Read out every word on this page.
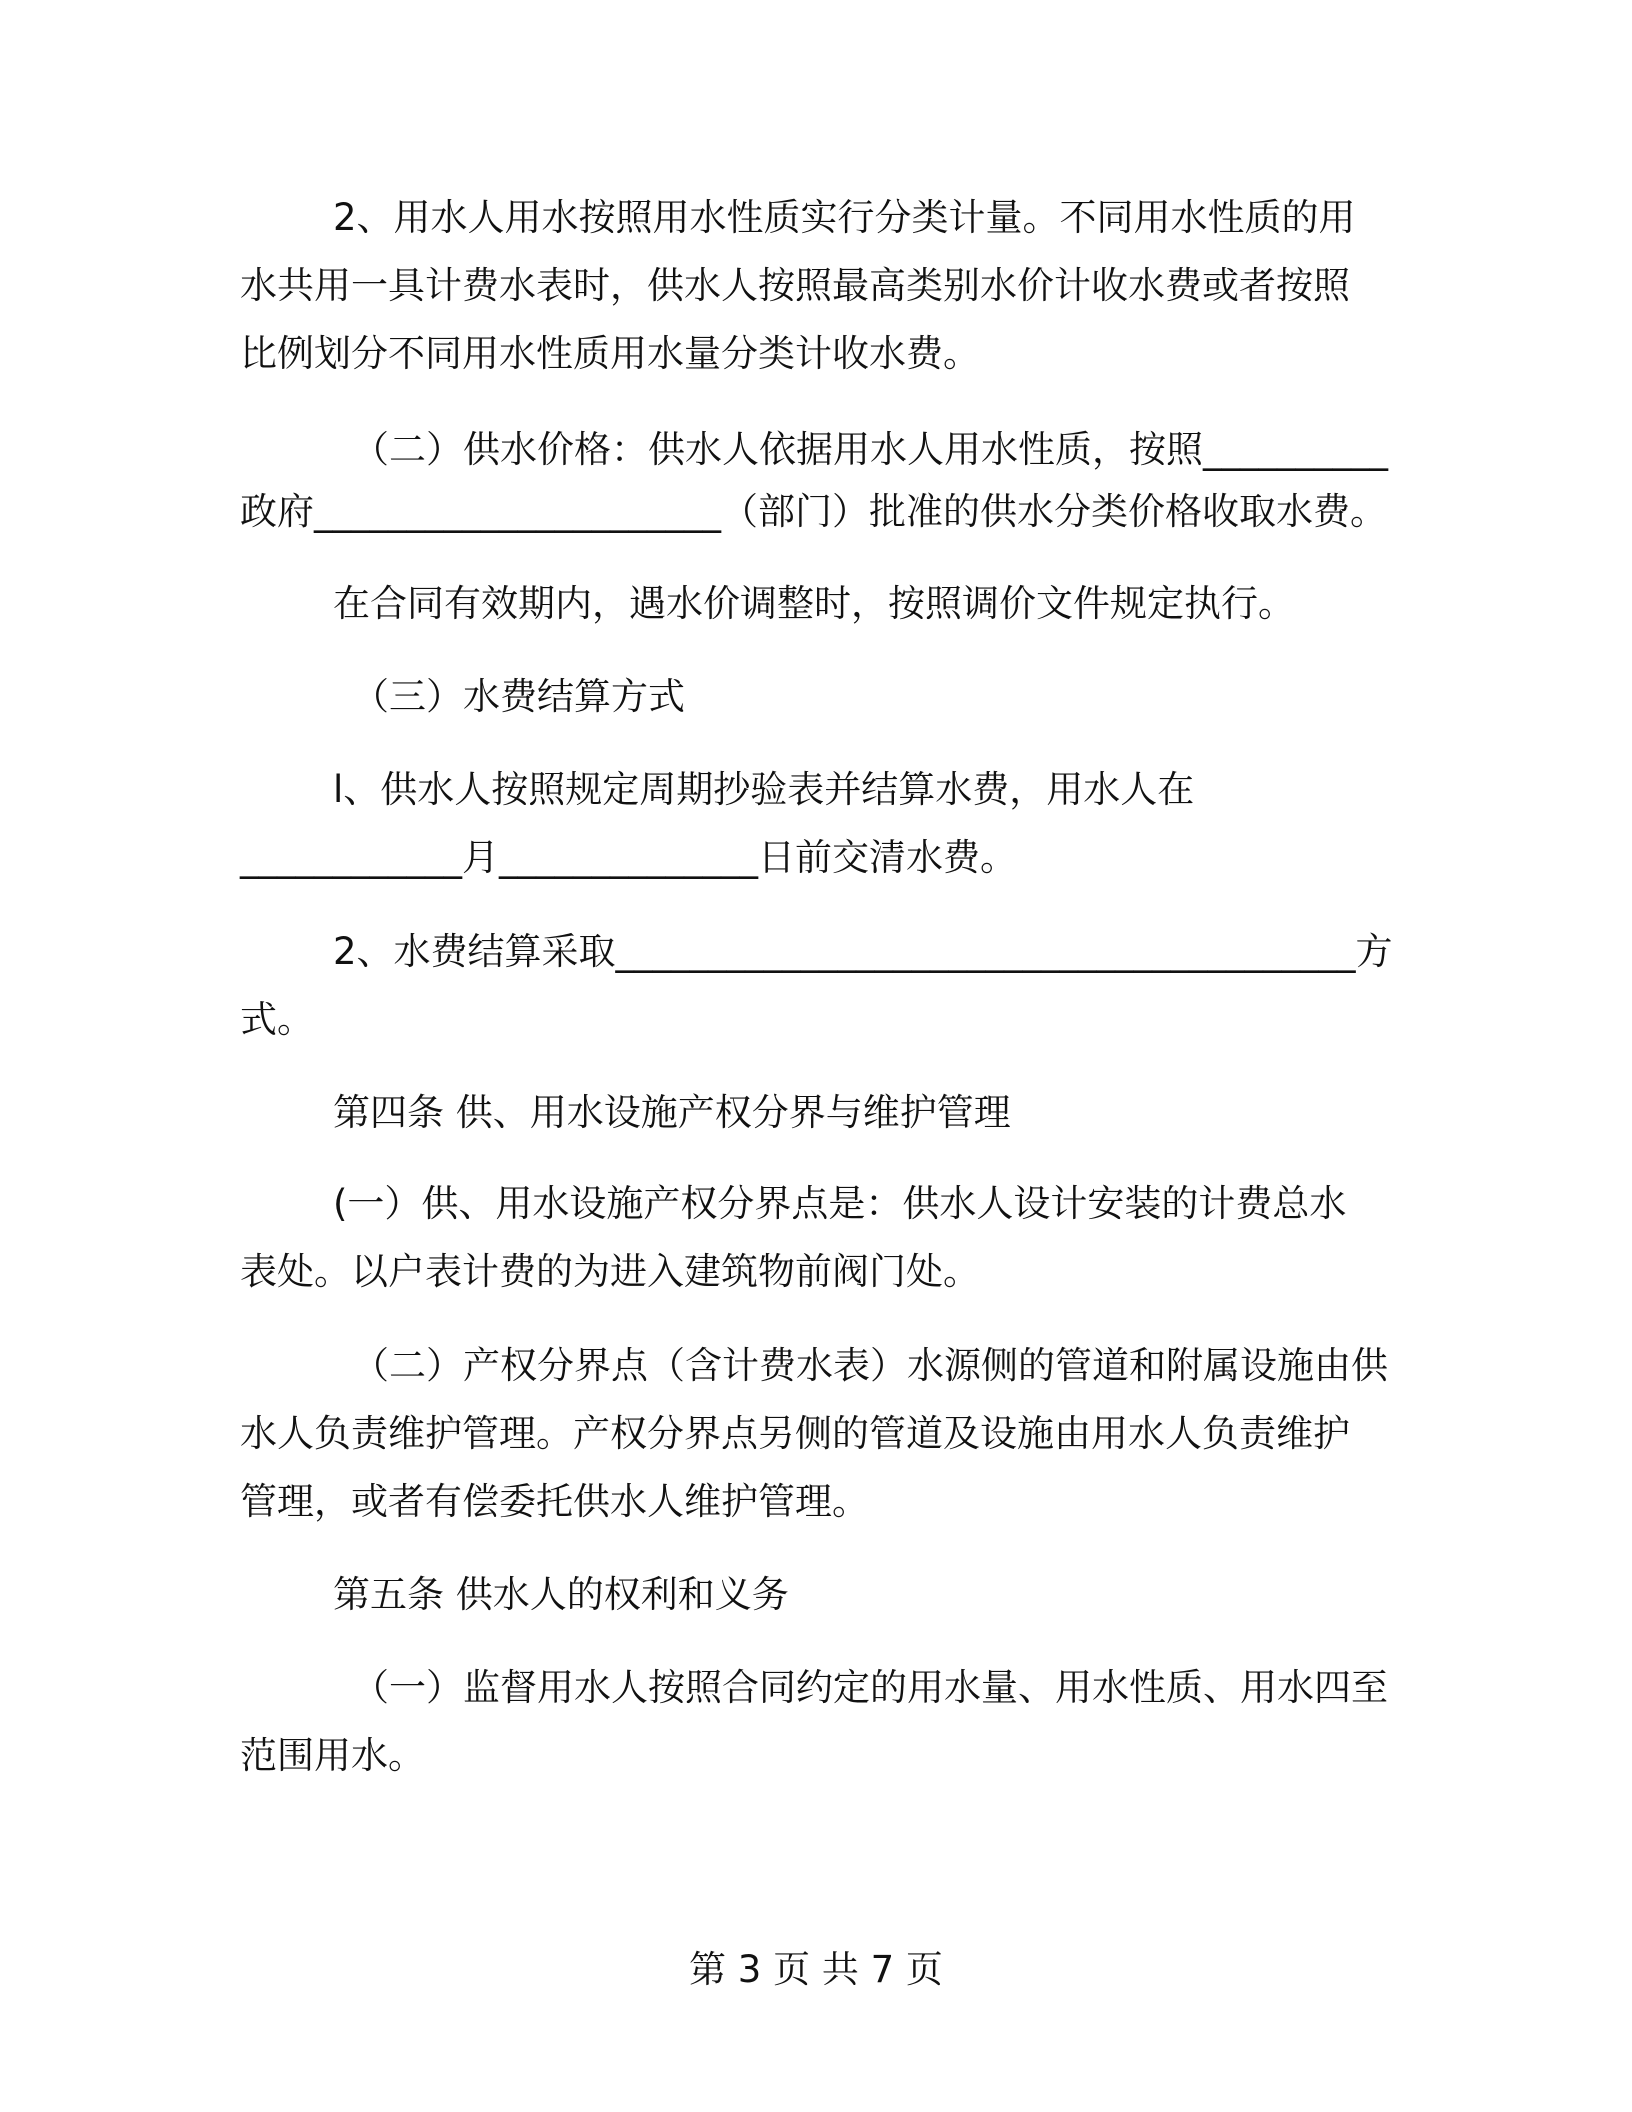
2、用水人用水按照用水性质实行分类计量。不同用水性质的用
水共用一具计费水表时，供水人按照最高类别水价计收水费或者按照
比例划分不同用水性质用水量分类计收水费。
（二）供水价格：供水人依据用水人用水性质，按照__________
政府______________________（部门）批准的供水分类价格收取水费。
在合同有效期内，遇水价调整时，按照调价文件规定执行。
（三）水费结算方式
l、供水人按照规定周期抄验表并结算水费，用水人在
____________月______________日前交清水费。
2、水费结算采取________________________________________方
式。
第四条 供、用水设施产权分界与维护管理
(一）供、用水设施产权分界点是：供水人设计安装的计费总水
表处。以户表计费的为进入建筑物前阀门处。
（二）产权分界点（含计费水表）水源侧的管道和附属设施由供
水人负责维护管理。产权分界点另侧的管道及设施由用水人负责维护
管理，或者有偿委托供水人维护管理。
第五条 供水人的权利和义务
（一）监督用水人按照合同约定的用水量、用水性质、用水四至
范围用水。
第 3 页 共 7 页
